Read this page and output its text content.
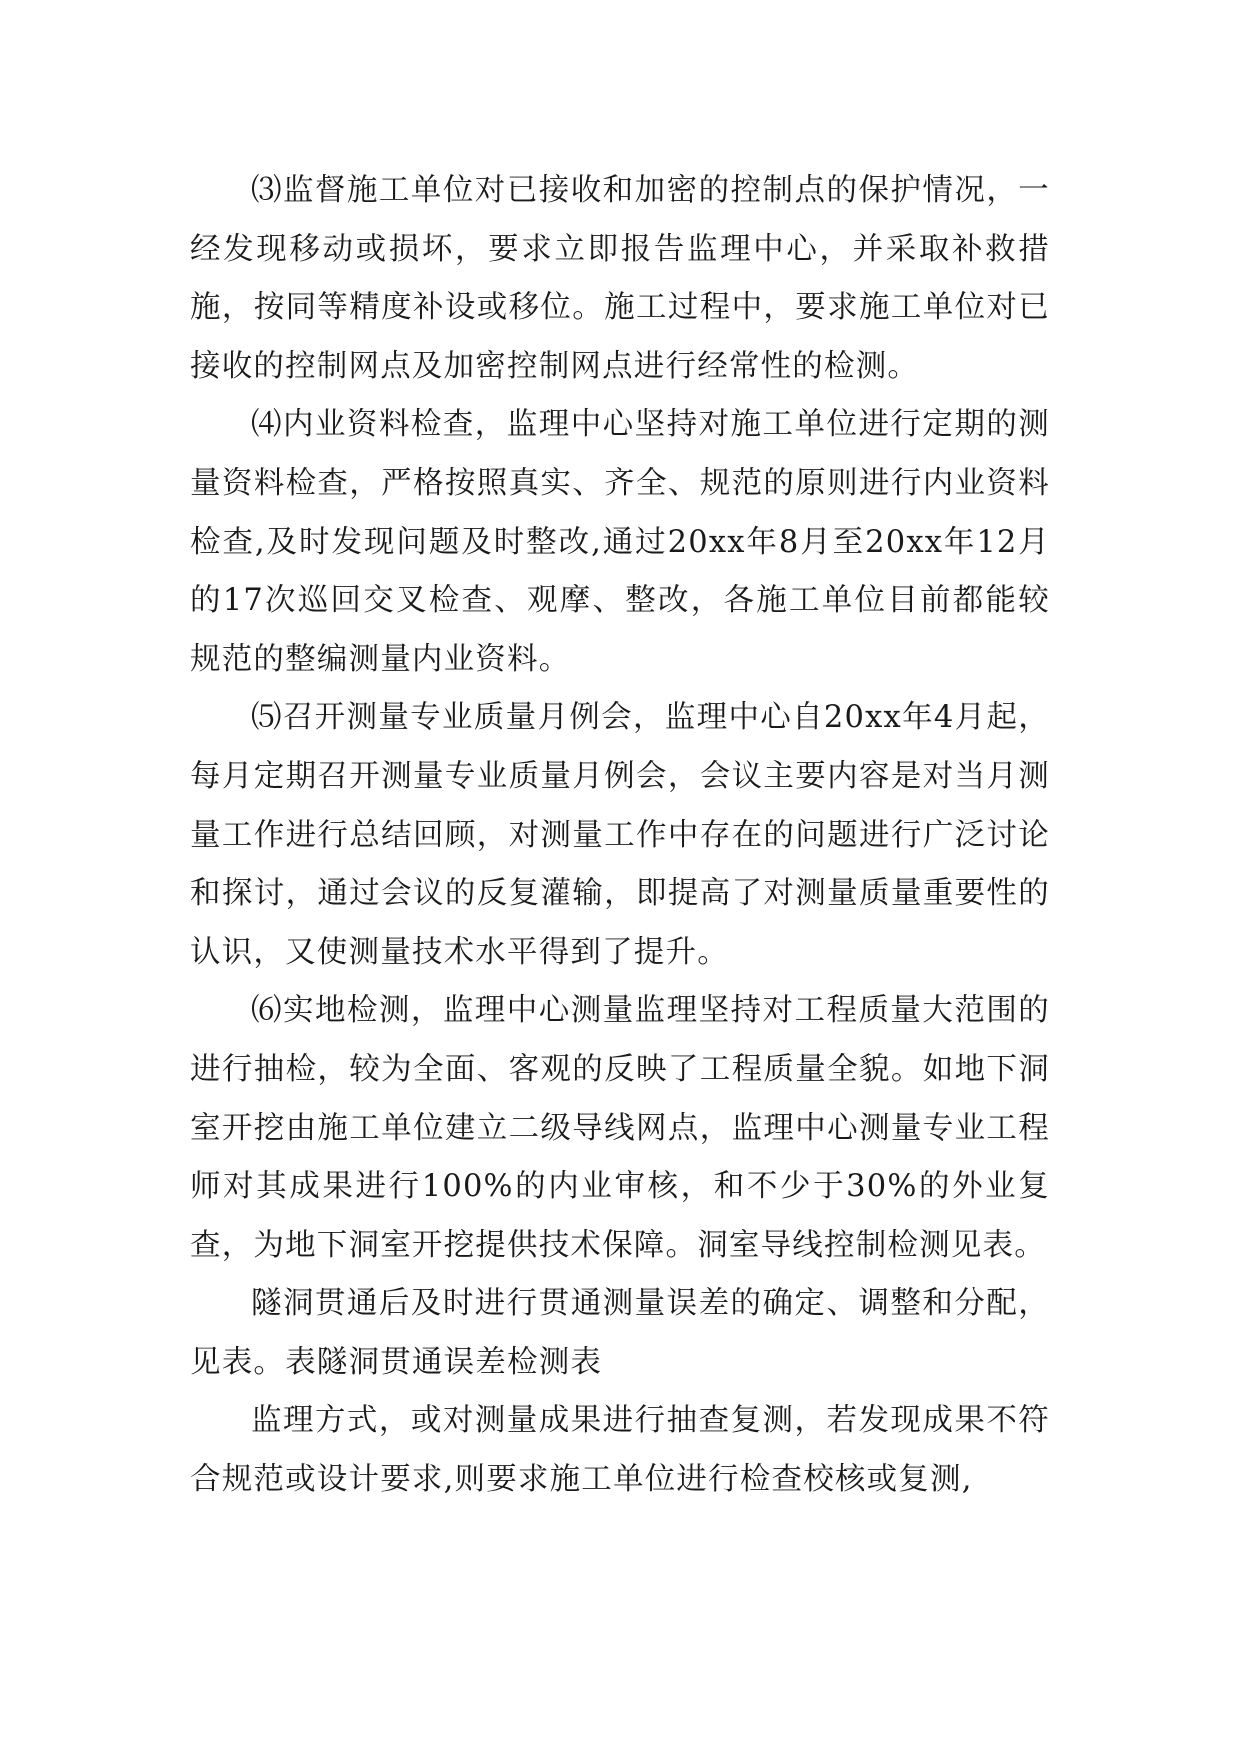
⑶监督施工单位对已接收和加密的控制点的保护情况，一经发现移动或损坏，要求立即报告监理中心，并采取补救措施，按同等精度补设或移位。施工过程中，要求施工单位对已接收的控制网点及加密控制网点进行经常性的检测。

⑷内业资料检查，监理中心坚持对施工单位进行定期的测量资料检查，严格按照真实、齐全、规范的原则进行内业资料检查,及时发现问题及时整改,通过20xx年8月至20xx年12月的17次巡回交叉检查、观摩、整改，各施工单位目前都能较规范的整编测量内业资料。

⑸召开测量专业质量月例会，监理中心自20xx年4月起，每月定期召开测量专业质量月例会，会议主要内容是对当月测量工作进行总结回顾，对测量工作中存在的问题进行广泛讨论和探讨，通过会议的反复灌输，即提高了对测量质量重要性的认识，又使测量技术水平得到了提升。

⑹实地检测，监理中心测量监理坚持对工程质量大范围的进行抽检，较为全面、客观的反映了工程质量全貌。如地下洞室开挖由施工单位建立二级导线网点，监理中心测量专业工程师对其成果进行100%的内业审核，和不少于30%的外业复查，为地下洞室开挖提供技术保障。洞室导线控制检测见表。

隧洞贯通后及时进行贯通测量误差的确定、调整和分配，见表。表隧洞贯通误差检测表

监理方式，或对测量成果进行抽查复测，若发现成果不符合规范或设计要求,则要求施工单位进行检查校核或复测,
